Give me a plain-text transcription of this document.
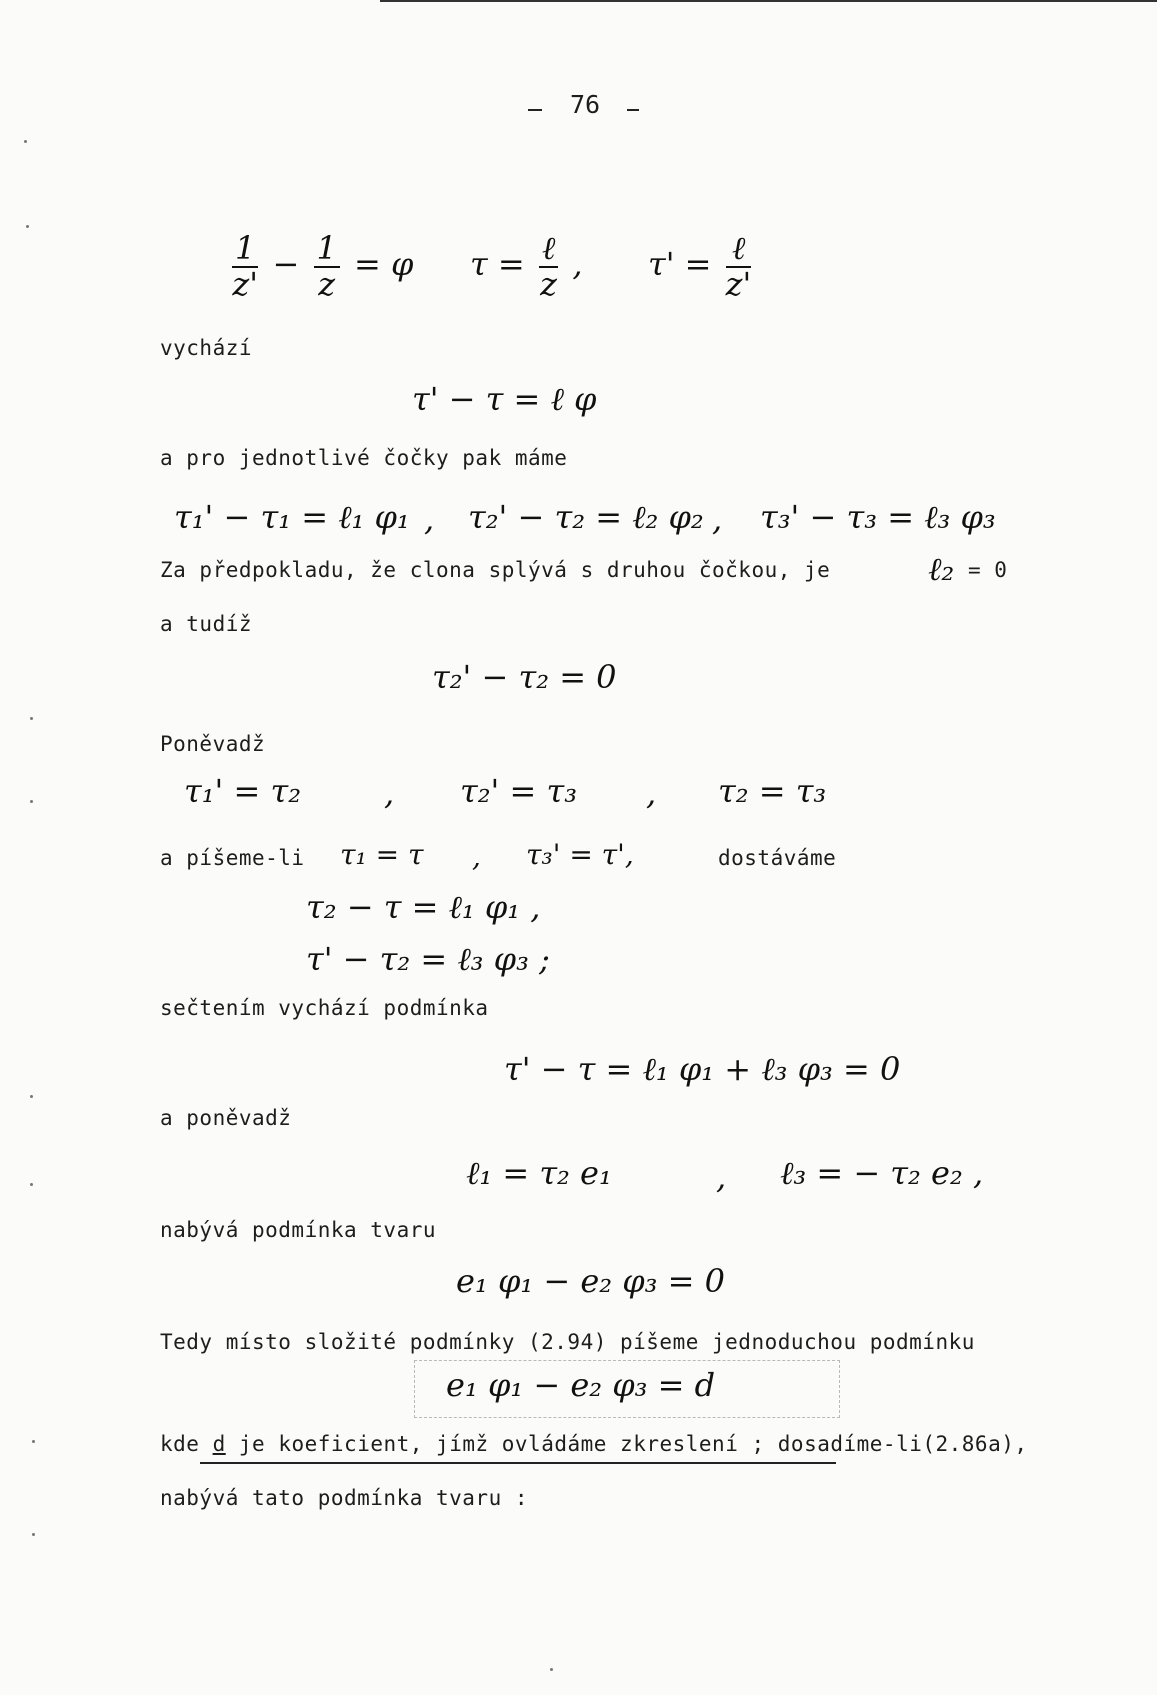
76
$\frac{1}{z'} - \frac{1}{z} = \varphi$ $\tau = \frac{\text{ℓ}}{z}$ , $\tau' = \frac{\text{ℓ}}{z'}$
vychází
τ' − τ = ℓ φ
a pro jednotlivé čočky pak máme
τ₁' − τ₁ = ℓ₁ φ₁ , τ₂' − τ₂ = ℓ₂ φ₂ , τ₃' − τ₃ = ℓ₃ φ₃
Za předpokladu, že clona splývá s druhou čočkou, je	ℓ₂ = 0
a tudíž
τ₂' − τ₂ = 0
Poněvadž
τ₁' = τ₂	, τ₂' = τ₃ , τ₂ = τ₃
a píšeme-li τ₁ = τ , τ₃' = τ',	dostáváme
τ₂ − τ = ℓ₁ φ₁ ,
τ' − τ₂ = ℓ₃ φ₃ ;
sečtením vychází podmínka
τ' − τ = ℓ₁ φ₁ + ℓ₃ φ₃ = 0
a poněvadž
ℓ₁ = τ₂ e₁	, ℓ₃ = − τ₂ e₂ ,
nabývá podmínka tvaru
e₁ φ₁ − e₂ φ₃ = 0
Tedy místo složité podmínky (2.94) píšeme jednoduchou podmínku
e₁ φ₁ − e₂ φ₃ = d
kde d je koeficient, jímž ovládáme zkreslení ; dosadíme-li(2.86a),
nabývá tato podmínka tvaru :
